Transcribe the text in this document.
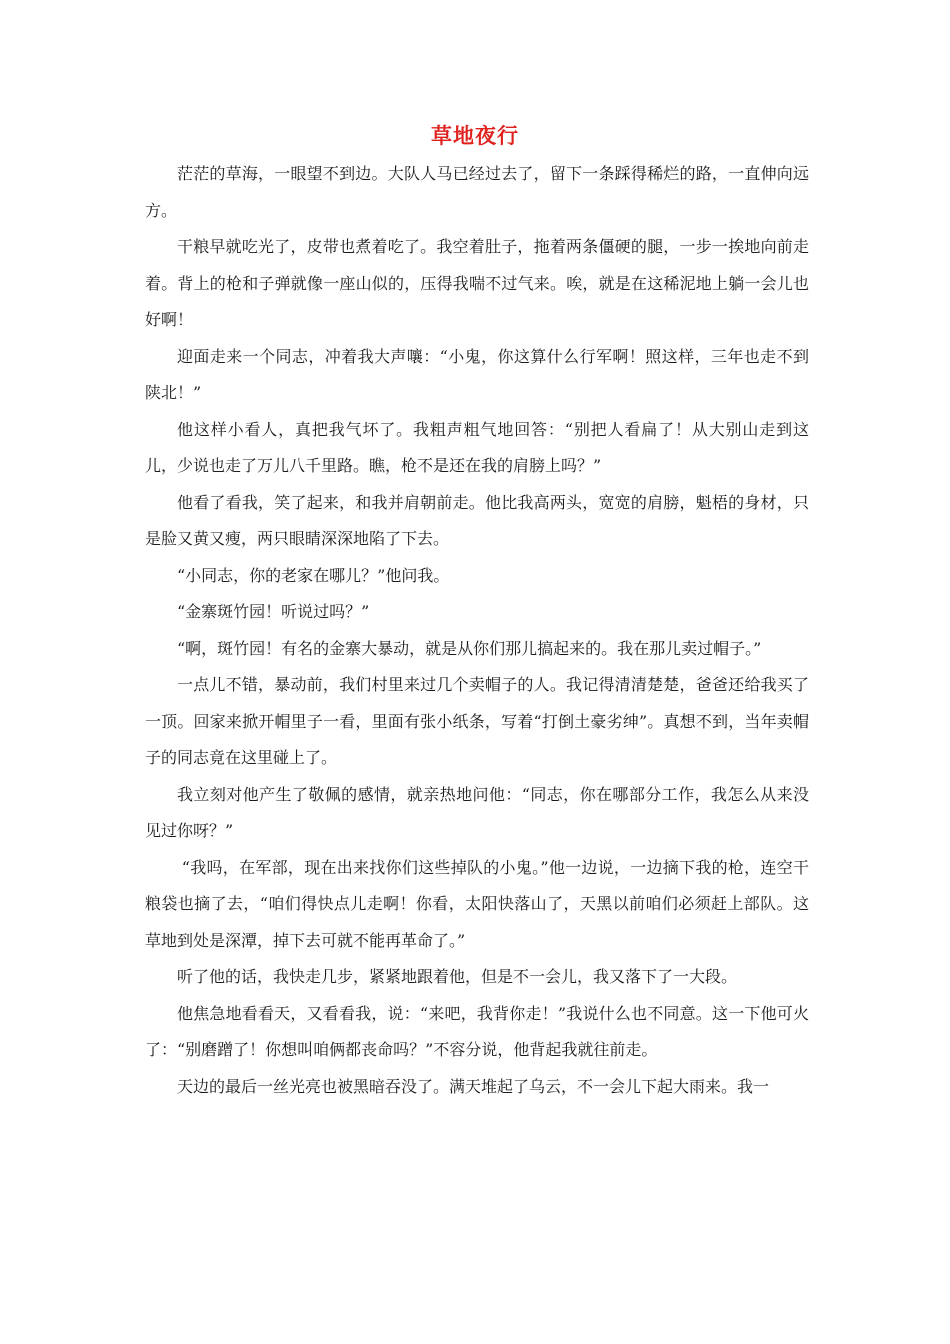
草地夜行

茫茫的草海，一眼望不到边。大队人马已经过去了，留下一条踩得稀烂的路，一直伸向远方。

干粮早就吃光了，皮带也煮着吃了。我空着肚子，拖着两条僵硬的腿，一步一挨地向前走着。背上的枪和子弹就像一座山似的，压得我喘不过气来。唉，就是在这稀泥地上躺一会儿也好啊！

迎面走来一个同志，冲着我大声嚷：“小鬼，你这算什么行军啊！照这样，三年也走不到陕北！”

他这样小看人，真把我气坏了。我粗声粗气地回答：“别把人看扁了！从大别山走到这儿，少说也走了万儿八千里路。瞧，枪不是还在我的肩膀上吗？”

他看了看我，笑了起来，和我并肩朝前走。他比我高两头，宽宽的肩膀，魁梧的身材，只是脸又黄又瘦，两只眼睛深深地陷了下去。

“小同志，你的老家在哪儿？”他问我。

“金寨斑竹园！听说过吗？”

“啊，斑竹园！有名的金寨大暴动，就是从你们那儿搞起来的。我在那儿卖过帽子。”

一点儿不错，暴动前，我们村里来过几个卖帽子的人。我记得清清楚楚，爸爸还给我买了一顶。回家来掀开帽里子一看，里面有张小纸条，写着“打倒土豪劣绅”。真想不到，当年卖帽子的同志竟在这里碰上了。

我立刻对他产生了敬佩的感情，就亲热地问他：“同志，你在哪部分工作，我怎么从来没见过你呀？”

“我吗，在军部，现在出来找你们这些掉队的小鬼。”他一边说，一边摘下我的枪，连空干粮袋也摘了去，“咱们得快点儿走啊！你看，太阳快落山了，天黑以前咱们必须赶上部队。这草地到处是深潭，掉下去可就不能再革命了。”

听了他的话，我快走几步，紧紧地跟着他，但是不一会儿，我又落下了一大段。

他焦急地看看天，又看看我，说：“来吧，我背你走！”我说什么也不同意。这一下他可火了：“别磨蹭了！你想叫咱俩都丧命吗？”不容分说，他背起我就往前走。

天边的最后一丝光亮也被黑暗吞没了。满天堆起了乌云，不一会儿下起大雨来。我一
